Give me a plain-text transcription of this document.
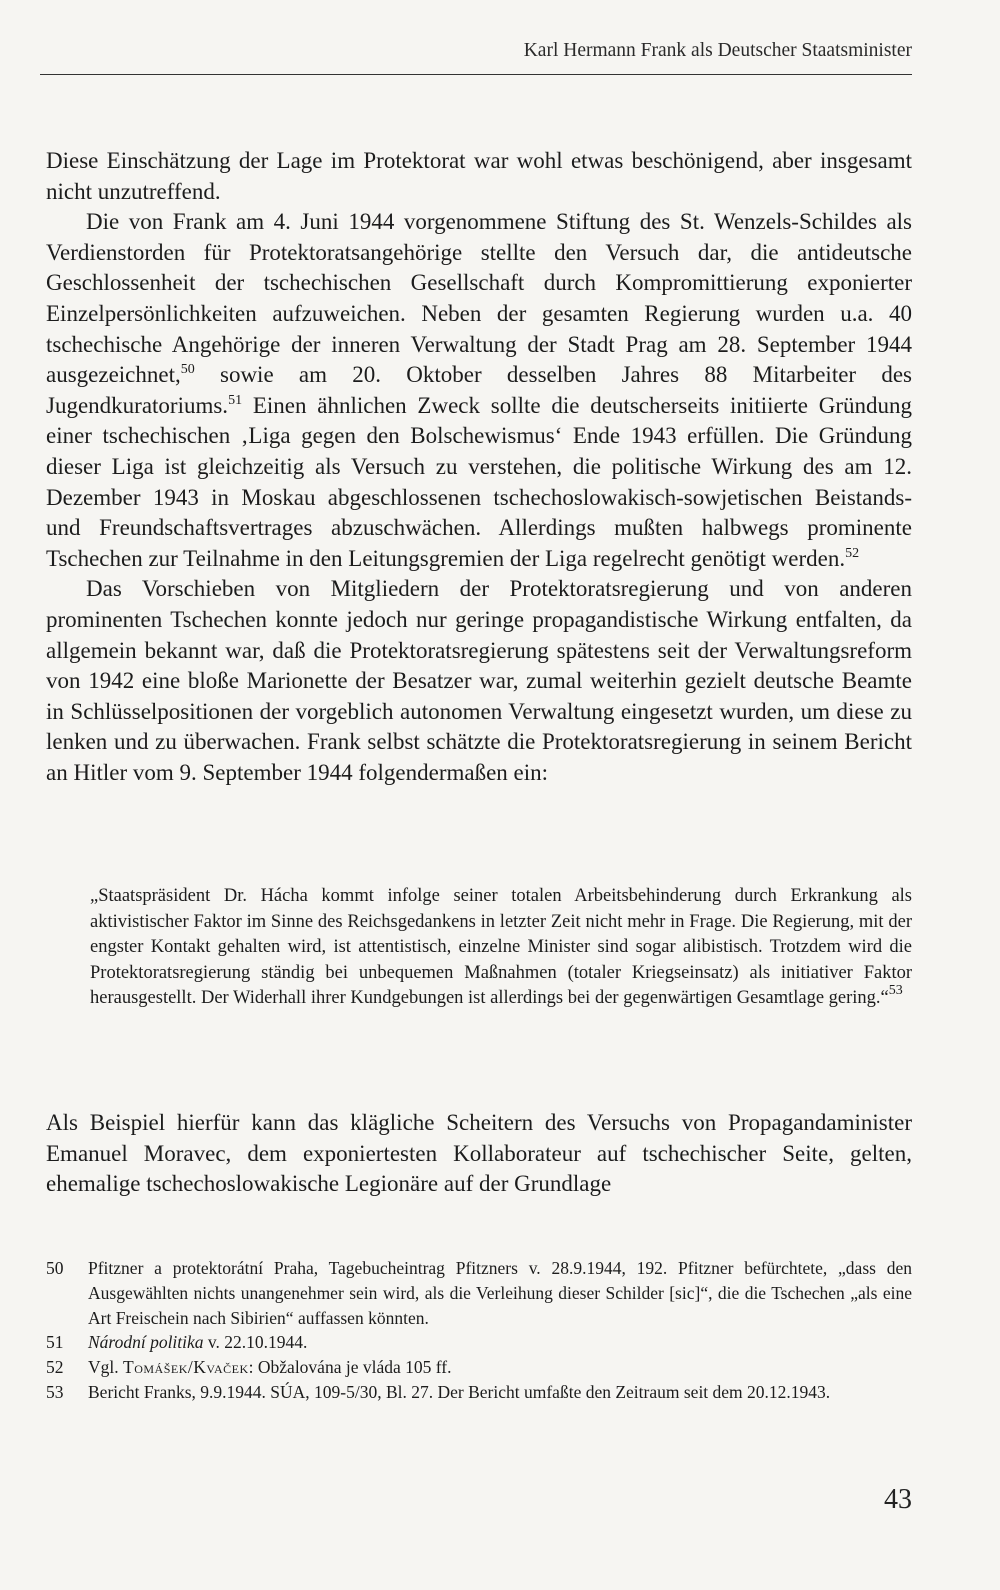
Karl Hermann Frank als Deutscher Staatsminister

Diese Einschätzung der Lage im Protektorat war wohl etwas beschönigend, aber insgesamt nicht unzutreffend.

Die von Frank am 4. Juni 1944 vorgenommene Stiftung des St. Wenzels-Schildes als Verdienstorden für Protektoratsangehörige stellte den Versuch dar, die antideutsche Geschlossenheit der tschechischen Gesellschaft durch Kompromittierung exponierter Einzelpersönlichkeiten aufzuweichen. Neben der gesamten Regierung wurden u.a. 40 tschechische Angehörige der inneren Verwaltung der Stadt Prag am 28. September 1944 ausgezeichnet,$^{50}$ sowie am 20. Oktober desselben Jahres 88 Mitarbeiter des Jugendkuratoriums.$^{51}$ Einen ähnlichen Zweck sollte die deutscherseits initiierte Gründung einer tschechischen ‚Liga gegen den Bolschewismus‘ Ende 1943 erfüllen. Die Gründung dieser Liga ist gleichzeitig als Versuch zu verstehen, die politische Wirkung des am 12. Dezember 1943 in Moskau abgeschlossenen tschechoslowakisch-sowjetischen Beistands- und Freundschaftsvertrages abzuschwächen. Allerdings mußten halbwegs prominente Tschechen zur Teilnahme in den Leitungsgremien der Liga regelrecht genötigt werden.$^{52}$

Das Vorschieben von Mitgliedern der Protektoratsregierung und von anderen prominenten Tschechen konnte jedoch nur geringe propagandistische Wirkung entfalten, da allgemein bekannt war, daß die Protektoratsregierung spätestens seit der Verwaltungsreform von 1942 eine bloße Marionette der Besatzer war, zumal weiterhin gezielt deutsche Beamte in Schlüsselpositionen der vorgeblich autonomen Verwaltung eingesetzt wurden, um diese zu lenken und zu überwachen. Frank selbst schätzte die Protektoratsregierung in seinem Bericht an Hitler vom 9. September 1944 folgendermaßen ein:

„Staatspräsident Dr. Hácha kommt infolge seiner totalen Arbeitsbehinderung durch Erkrankung als aktivistischer Faktor im Sinne des Reichsgedankens in letzter Zeit nicht mehr in Frage. Die Regierung, mit der engster Kontakt gehalten wird, ist attentistisch, einzelne Minister sind sogar alibistisch. Trotzdem wird die Protektoratsregierung ständig bei unbequemen Maßnahmen (totaler Kriegseinsatz) als initiativer Faktor herausgestellt. Der Widerhall ihrer Kundgebungen ist allerdings bei der gegenwärtigen Gesamtlage gering.“$^{53}$
Als Beispiel hierfür kann das klägliche Scheitern des Versuchs von Propagandaminister Emanuel Moravec, dem exponiertesten Kollaborateur auf tschechischer Seite, gelten, ehemalige tschechoslowakische Legionäre auf der Grundlage
50	Pfitzner a protektorátní Praha, Tagebucheintrag Pfitzners v. 28.9.1944, 192. Pfitzner befürchtete, „dass den Ausgewählten nichts unangenehmer sein wird, als die Verleihung dieser Schilder [sic]“, die die Tschechen „als eine Art Freischein nach Sibirien“ auffassen könnten.
51	Národní politika v. 22.10.1944.
52	Vgl. Tomášek/Kvaček: Obžalována je vláda 105 ff.
53	Bericht Franks, 9.9.1944. SÚA, 109-5/30, Bl. 27. Der Bericht umfaßte den Zeitraum seit dem 20.12.1943.
43
